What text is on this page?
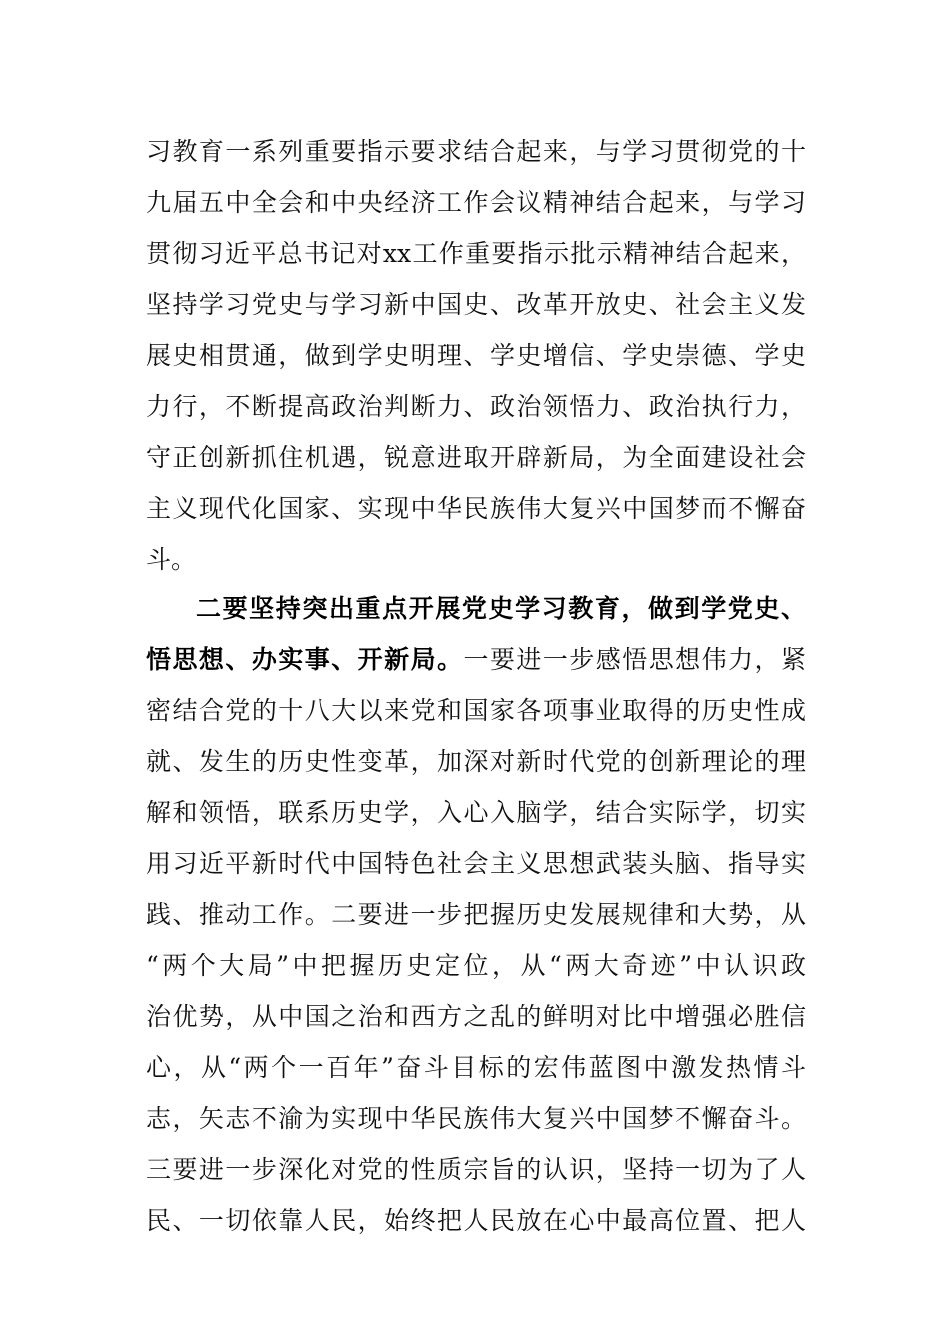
习教育一系列重要指示要求结合起来，与学习贯彻党的十
九届五中全会和中央经济工作会议精神结合起来，与学习
贯彻习近平总书记对xx工作重要指示批示精神结合起来，
坚持学习党史与学习新中国史、改革开放史、社会主义发
展史相贯通，做到学史明理、学史增信、学史崇德、学史
力行，不断提高政治判断力、政治领悟力、政治执行力，
守正创新抓住机遇，锐意进取开辟新局，为全面建设社会
主义现代化国家、实现中华民族伟大复兴中国梦而不懈奋
斗。
二要坚持突出重点开展党史学习教育，做到学党史、
悟思想、办实事、开新局。一要进一步感悟思想伟力，紧
密结合党的十八大以来党和国家各项事业取得的历史性成
就、发生的历史性变革，加深对新时代党的创新理论的理
解和领悟，联系历史学，入心入脑学，结合实际学，切实
用习近平新时代中国特色社会主义思想武装头脑、指导实
践、推动工作。二要进一步把握历史发展规律和大势，从
“两个大局”中把握历史定位，从“两大奇迹”中认识政
治优势，从中国之治和西方之乱的鲜明对比中增强必胜信
心，从“两个一百年”奋斗目标的宏伟蓝图中激发热情斗
志，矢志不渝为实现中华民族伟大复兴中国梦不懈奋斗。
三要进一步深化对党的性质宗旨的认识，坚持一切为了人
民、一切依靠人民，始终把人民放在心中最高位置、把人
